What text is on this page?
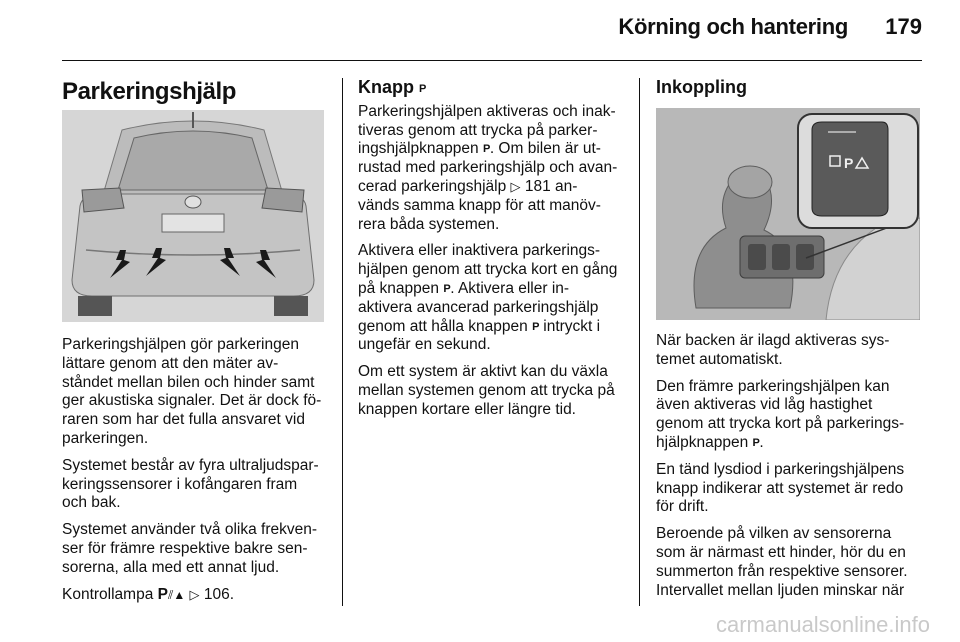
Körning och hantering	179
Parkeringshjälp

Parkeringshjälpen gör parkeringen lättare genom att den mäter av-ståndet mellan bilen och hinder samt ger akustiska signaler. Det är dock fö-raren som har det fulla ansvaret vid parkeringen.

Systemet består av fyra ultraljudspar-keringssensorer i kofångaren fram och bak.

Systemet använder två olika frekven-ser för främre respektive bakre sen-sorerna, alla med ett annat ljud.

Kontrollampa P᠋⫽▲ ▷ 106.

Knapp P

Parkeringshjälpen aktiveras och inak-tiveras genom att trycka på parker-ingshjälpknappen P. Om bilen är ut-rustad med parkeringshjälp och avan-cerad parkeringshjälp ▷ 181 an- vänds samma knapp för att manöv-rera båda systemen.

Aktivera eller inaktivera parkerings-hjälpen genom att trycka kort en gång på knappen P. Aktivera eller in-aktivera avancerad parkeringshjälp genom att hålla knappen P intryckt i ungefär en sekund.

Om ett system är aktivt kan du växla mellan systemen genom att trycka på knappen kortare eller längre tid.

Inkoppling
P

När backen är ilagd aktiveras sys-temet automatiskt.

Den främre parkeringshjälpen kan även aktiveras vid låg hastighet genom att trycka kort på parkerings-hjälpknappen P.

En tänd lysdiod i parkeringshjälpens knapp indikerar att systemet är redo för drift.

Beroende på vilken av sensorerna som är närmast ett hinder, hör du en summerton från respektive sensorer. Intervallet mellan ljuden minskar när

carmanualsonline.info
